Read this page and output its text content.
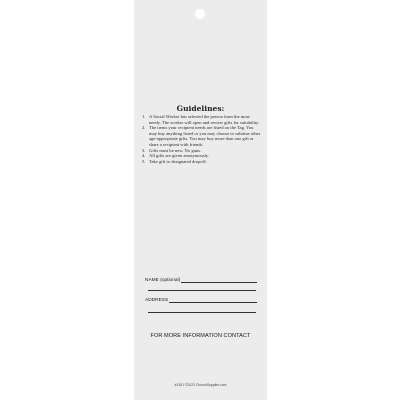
Guidelines:
1. A Social Worker has selected the person from the most needy. The worker will open and review gifts for suitability.
2. The items your recipient needs are listed on the Tag. You may buy anything listed or you may choose to subtitue other age-appropriate gifts. You may buy more than one gift or share a recipient with friends.
3. Gifts must be new. No guns.
4. All gifts are given anonymously.
5. Take gift to designated dropoff.
NAME (optional)
ADDRESS
FOR MORE INFORMATION CONTACT
#1301 ©2023 ChurchSupplier.com
